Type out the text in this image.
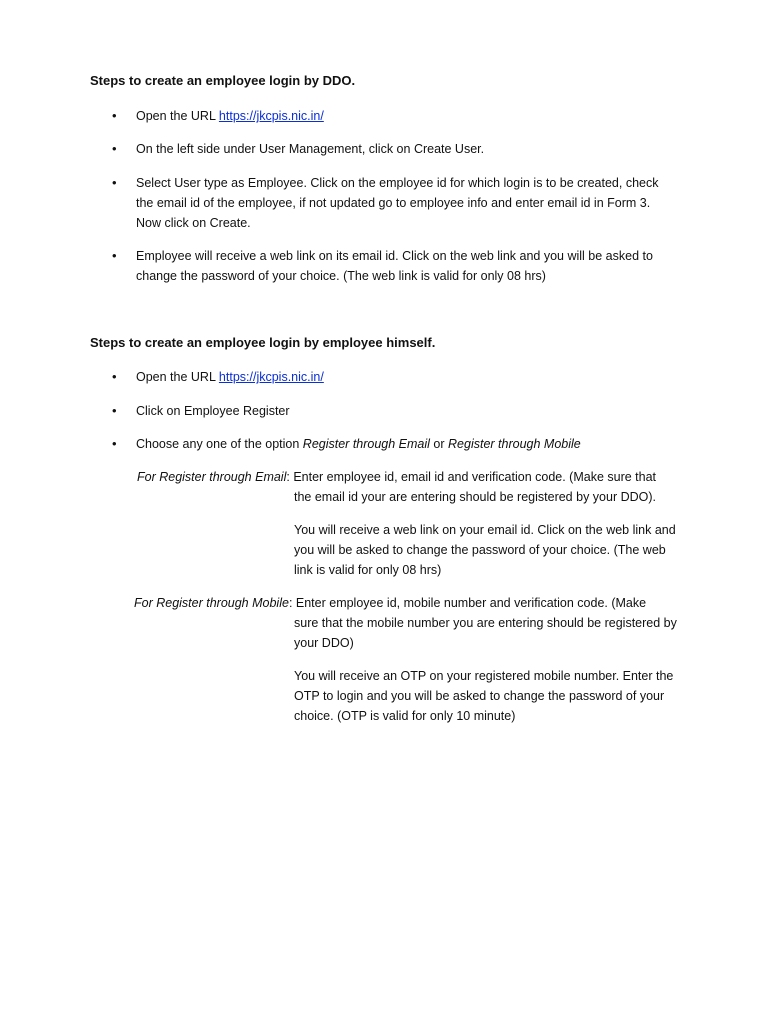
Steps to create an employee login by DDO.
•	Open the URL https://jkcpis.nic.in/
•	On the left side under User Management, click on Create User.
•	Select User type as Employee. Click on the employee id for which login is to be created, check the email id of the employee, if not updated go to employee info and enter email id in Form 3. Now click on Create.
•	Employee will receive a web link on its email id. Click on the web link and you will be asked to change the password of your choice. (The web link is valid for only 08 hrs)
Steps to create an employee login by employee himself.
•	Open the URL https://jkcpis.nic.in/
•	Click on Employee Register
•	Choose any one of the option Register through Email or Register through Mobile
For Register through Email: Enter employee id, email id and verification code. (Make sure that
the email id your are entering should be registered by your DDO).
You will receive a web link on your email id. Click on the web link and you will be asked to change the password of your choice. (The web link is valid for only 08 hrs)
For Register through Mobile: Enter employee id, mobile number and verification code. (Make
sure that the mobile number you are entering should be registered by your DDO)
You will receive an OTP on your registered mobile number. Enter the OTP to login and you will be asked to change the password of your choice. (OTP is valid for only 10 minute)
